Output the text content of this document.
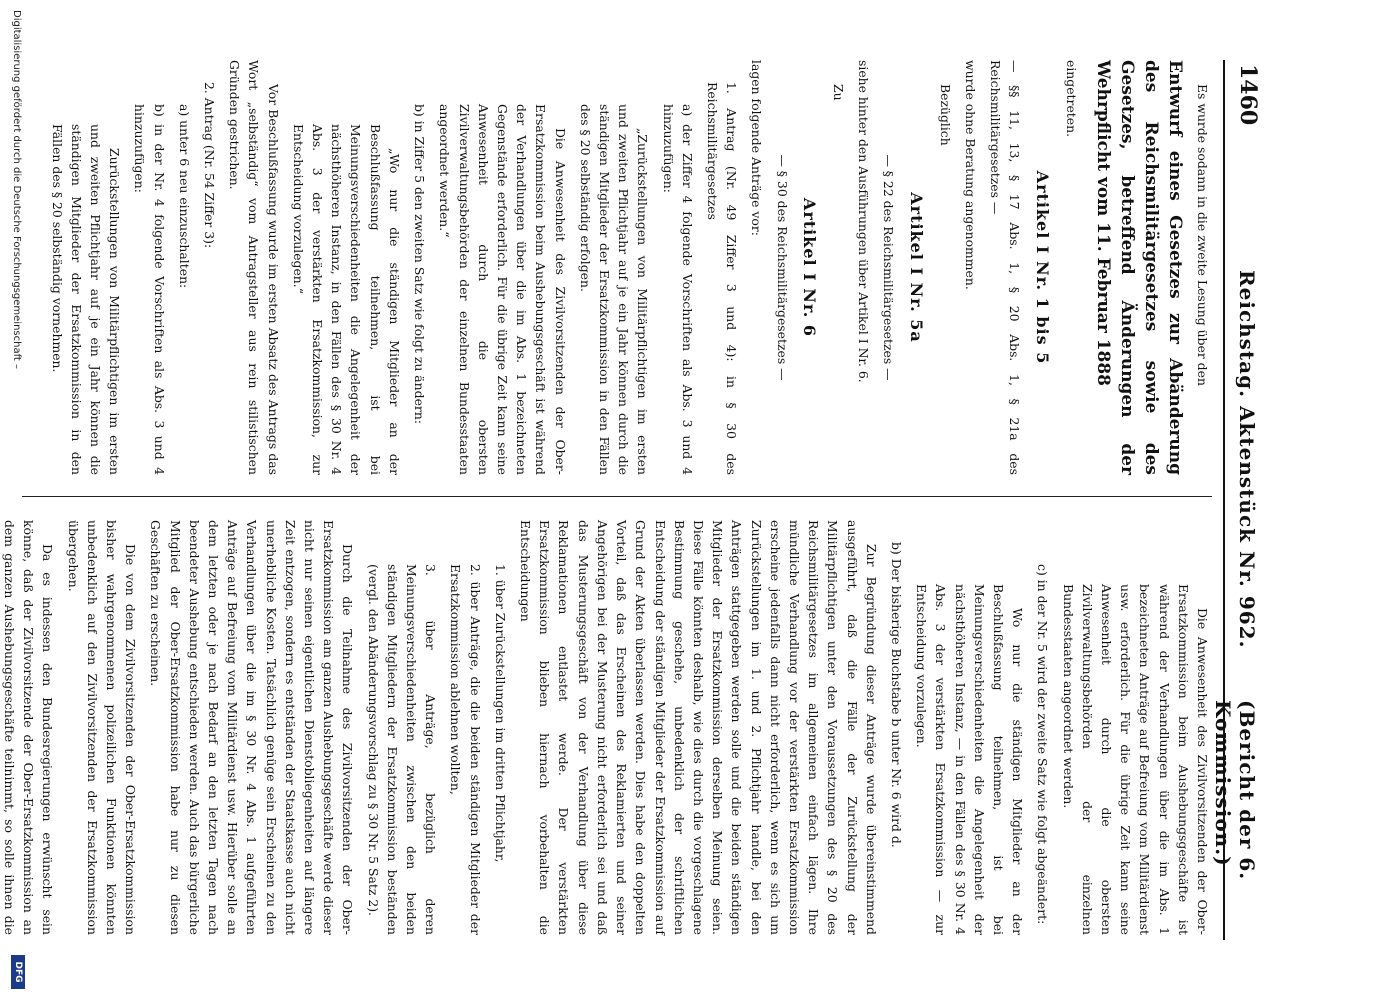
1460
Reichstag. Aktenstück Nr. 962.
(Bericht der 6. Kommission.)

Es wurde sodann in die zweite Lesung über den

Entwurf eines Gesetzes zur Abänderung des Reichsmilitärgesetzes sowie des Gesetzes, betreffend Änderungen der Wehrpflicht vom 11. Februar 1888

eingetreten.

Artikel I Nr. 1 bis 5

— §§ 11, 13, § 17 Abs. 1, § 20 Abs. 1, § 21a des Reichsmilitärgesetzes —

wurde ohne Beratung angenommen.

Bezüglich

Artikel I Nr. 5a

— § 22 des Reichsmilitärgesetzes —

siehe hinter den Ausführungen über Artikel I Nr. 6.

Zu

Artikel I Nr. 6

— § 30 des Reichsmilitärgesetzes —

lagen folgende Anträge vor:

1. Antrag (Nr. 49 Ziffer 3 und 4): in § 30 des Reichsmilitärgesetzes

a) der Ziffer 4 folgende Vorschriften als Abs. 3 und 4 hinzuzufügen:

„Zurückstellungen von Militärpflichtigen im ersten und zweiten Pflichtjahr auf je ein Jahr können durch die ständigen Mitglieder der Ersatzkommission in den Fällen des § 20 selbständig erfolgen.

Die Anwesenheit des Zivilvorsitzenden der Ober-Ersatzkommission beim Aushebungsgeschäft ist während der Verhandlungen über die im Abs. 1 bezeichneten Gegenstände erforderlich. Für die übrige Zeit kann seine Anwesenheit durch die obersten Zivilverwaltungsbehörden der einzelnen Bundesstaaten angeordnet werden.“

b) in Ziffer 5 den zweiten Satz wie folgt zu ändern:

„Wo nur die ständigen Mitglieder an der Beschlußfassung teilnehmen, ist bei Meinungsverschiedenheiten die Angelegenheit der nächsthöheren Instanz, in den Fällen des § 30 Nr. 4 Abs. 3 der verstärkten Ersatzkommission, zur Entscheidung vorzulegen.“

Vor Beschlußfassung wurde im ersten Absatz des Antrags das Wort „selbständig“ vom Antragsteller aus rein stilistischen Gründen gestrichen.

2. Antrag (Nr. 54 Ziffer 3):

a) unter 6 neu einzuschalten:

b) in der Nr. 4 folgende Vorschriften als Abs. 3 und 4 hinzuzufügen:

Zurückstellungen von Militärpflichtigen im ersten und zweiten Pflichtjahr auf je ein Jahr können die ständigen Mitglieder der Ersatzkommission in den Fällen des § 20 selbständig vornehmen.

Die Anwesenheit des Zivilvorsitzenden der Ober-Ersatzkommission beim Aushebungsgeschäfte ist während der Verhandlungen über die im Abs. 1 bezeichneten Anträge auf Befreiung vom Militärdienst usw. erforderlich. Für die übrige Zeit kann seine Anwesenheit durch die obersten Zivilverwaltungsbehörden der einzelnen Bundesstaaten angeordnet werden.

c) in der Nr. 5 wird der zweite Satz wie folgt abgeändert:

Wo nur die ständigen Mitglieder an der Beschlußfassung teilnehmen, ist bei Meinungsverschiedenheiten die Angelegenheit der nächsthöheren Instanz, — in den Fällen des § 30 Nr. 4 Abs. 3 der verstärkten Ersatzkommission — zur Entscheidung vorzulegen.

b) Der bisherige Buchstabe b unter Nr. 6 wird d.

Zur Begründung dieser Anträge wurde übereinstimmend ausgeführt, daß die Fälle der Zurückstellung der Militärpflichtigen unter den Voraussetzungen des § 20 des Reichsmilitärgesetzes im allgemeinen einfach lägen. Ihre mündliche Verhandlung vor der verstärkten Ersatzkommission erscheine jedenfalls dann nicht erforderlich, wenn es sich um Zurückstellungen im 1. und 2. Pflichtjahr handle, bei den Anträgen stattgegeben werden solle und die beiden ständigen Mitglieder der Ersatzkommission derselben Meinung seien. Diese Fälle könnten deshalb, wie dies durch die vorgeschlagene Bestimmung geschehe, unbedenklich der schriftlichen Entscheidung der ständigen Mitglieder der Ersatzkommission auf Grund der Akten überlassen werden. Dies habe den doppelten Vorteil, daß das Erscheinen des Reklamierten und seiner Angehörigen bei der Musterung nicht erforderlich sei und daß das Musterungsgeschäft von der Verhandlung über diese Reklamationen entlastet werde. Der verstärkten Ersatzkommission blieben hiernach vorbehalten die Entscheidungen

1. über Zurückstellungen im dritten Pflichtjahr,

2. über Anträge, die die beiden ständigen Mitglieder der Ersatzkommission ablehnen wollten,

3. über Anträge, bezüglich deren Meinungsverschiedenheiten zwischen den beiden ständigen Mitgliedern der Ersatzkommission beständen (vergl. den Abänderungsvorschlag zu § 30 Nr. 5 Satz 2).

Durch die Teilnahme des Zivilvorsitzenden der Ober-Ersatzkommission am ganzen Aushebungsgeschäfte werde dieser nicht nur seinen eigentlichen Dienstobliegenheiten auf längere Zeit entzogen, sondern es entständen der Staatskasse auch nicht unerhebliche Kosten. Tatsächlich genüge sein Erscheinen zu den Verhandlungen über die im § 30 Nr. 4 Abs. 1 aufgeführten Anträge auf Befreiung vom Militärdienst usw. Hierüber solle an dem letzten oder je nach Bedarf an den letzten Tagen nach beendeter Aushebung entschieden werden. Auch das bürgerliche Mitglied der Ober-Ersatzkommission habe nur zu diesen Geschäften zu erscheinen.

Die von dem Zivilvorsitzenden der Ober-Ersatzkommission bisher wahrgenommenen polizeilichen Funktionen könnten unbedenklich auf den Zivilvorsitzenden der Ersatzkommission übergehen.

Da es indessen den Bundesregierungen erwünscht sein könne, daß der Zivilvorsitzende der Ober-Ersatzkommission an dem ganzen Aushebungsgeschäfte teilnimmt, so solle ihnen die

Digitalisierung gefördert durch die Deutsche Forschungsgemeinschaft –
DFG
